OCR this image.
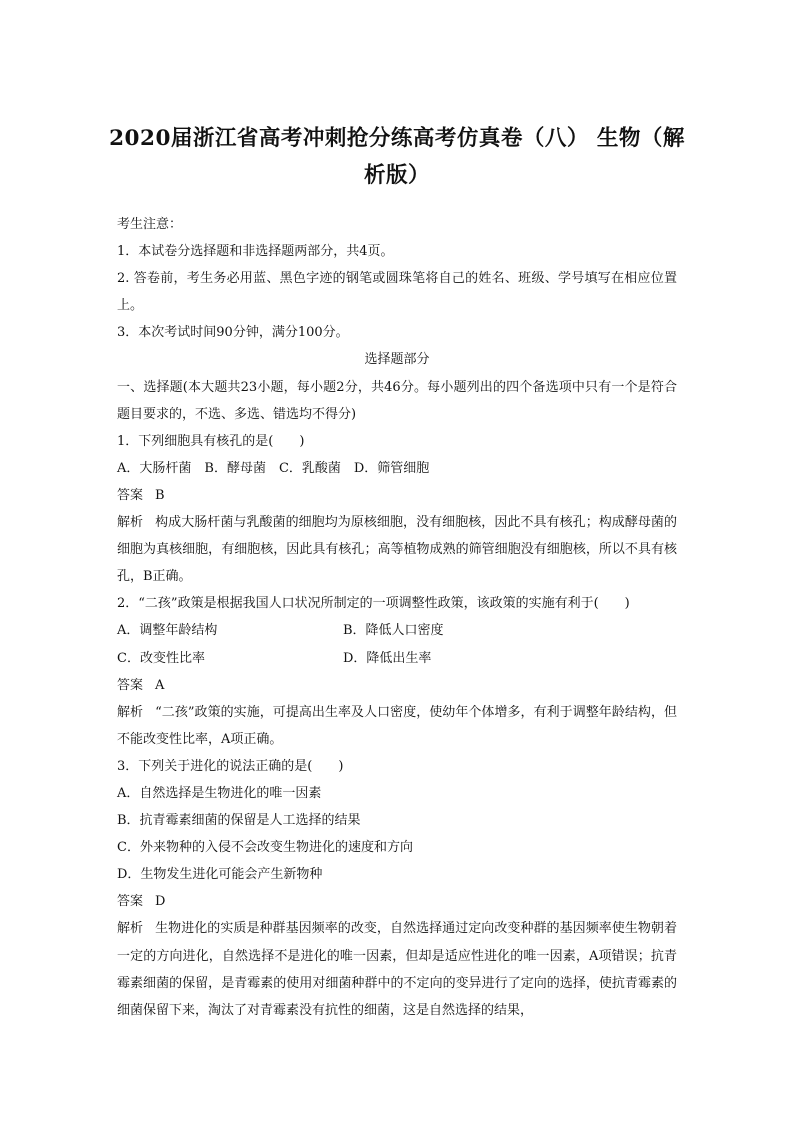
2020届浙江省高考冲刺抢分练高考仿真卷（八） 生物（解析版）

考生注意：

1．本试卷分选择题和非选择题两部分，共4页。

2. 答卷前，考生务必用蓝、黑色字迹的钢笔或圆珠笔将自己的姓名、班级、学号填写在相应位置上。

3．本次考试时间90分钟，满分100分。

选择题部分

一、选择题(本大题共23小题，每小题2分，共46分。每小题列出的四个备选项中只有一个是符合题目要求的，不选、多选、错选均不得分)

1．下列细胞具有核孔的是(　　)

A．大肠杆菌　B．酵母菌　C．乳酸菌　D．筛管细胞

答案 B

解析 构成大肠杆菌与乳酸菌的细胞均为原核细胞，没有细胞核，因此不具有核孔；构成酵母菌的细胞为真核细胞，有细胞核，因此具有核孔；高等植物成熟的筛管细胞没有细胞核，所以不具有核孔，B正确。

2．“二孩”政策是根据我国人口状况所制定的一项调整性政策，该政策的实施有利于(　　)

A．调整年龄结构	B．降低人口密度
C．改变性比率	D．降低出生率

答案 A

解析 “二孩”政策的实施，可提高出生率及人口密度，使幼年个体增多，有利于调整年龄结构，但不能改变性比率，A项正确。

3．下列关于进化的说法正确的是(　　)

A．自然选择是生物进化的唯一因素

B．抗青霉素细菌的保留是人工选择的结果

C．外来物种的入侵不会改变生物进化的速度和方向

D．生物发生进化可能会产生新物种

答案 D

解析 生物进化的实质是种群基因频率的改变，自然选择通过定向改变种群的基因频率使生物朝着一定的方向进化，自然选择不是进化的唯一因素，但却是适应性进化的唯一因素，A项错误；抗青霉素细菌的保留，是青霉素的使用对细菌种群中的不定向的变异进行了定向的选择，使抗青霉素的细菌保留下来，淘汰了对青霉素没有抗性的细菌，这是自然选择的结果，
